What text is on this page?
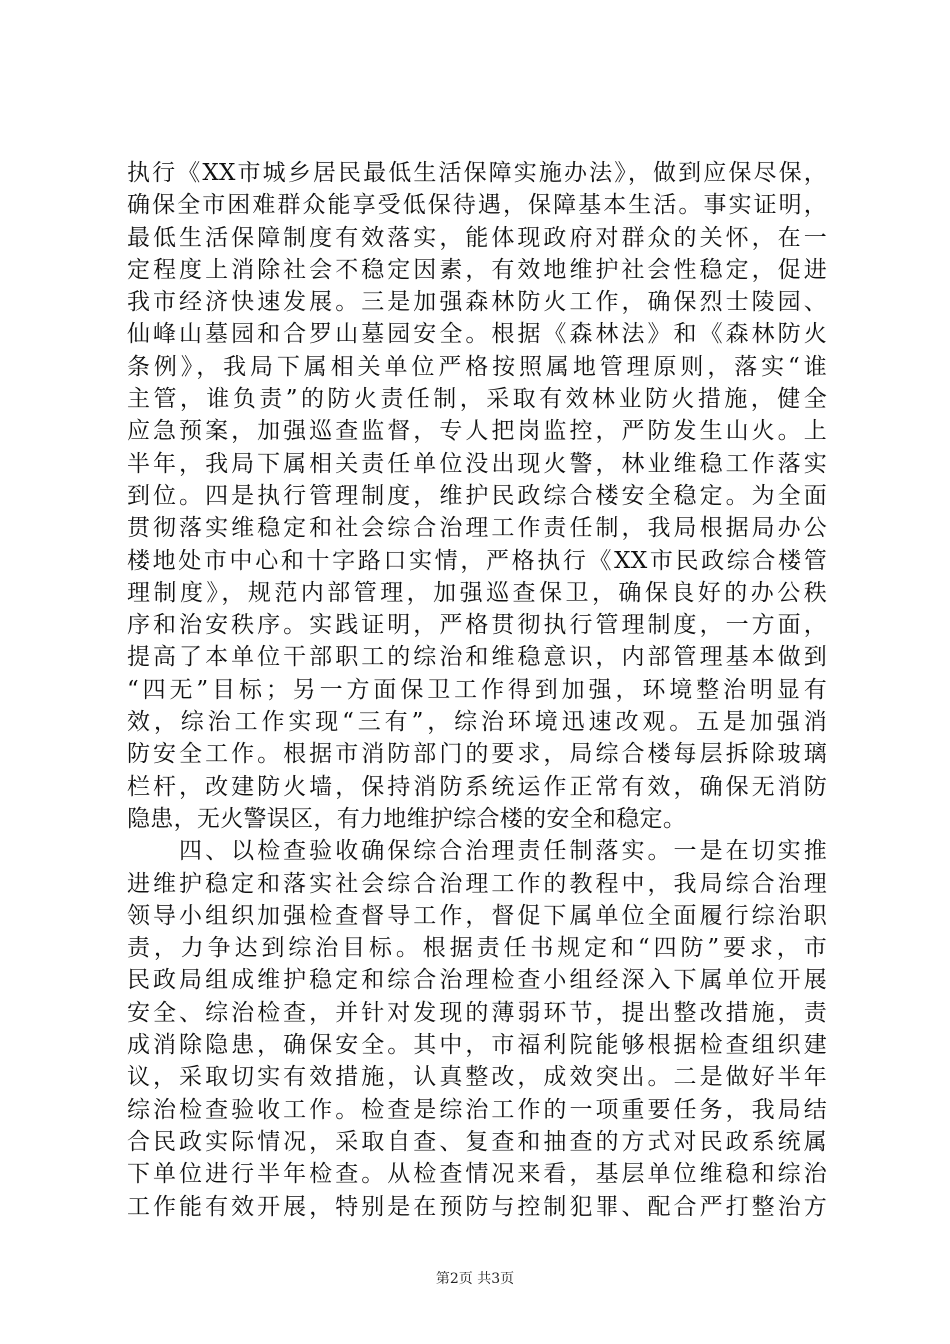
执行《XX市城乡居民最低生活保障实施办法》，做到应保尽保，
确保全市困难群众能享受低保待遇，保障基本生活。事实证明，
最低生活保障制度有效落实，能体现政府对群众的关怀，在一
定程度上消除社会不稳定因素，有效地维护社会性稳定，促进
我市经济快速发展。三是加强森林防火工作，确保烈士陵园、
仙峰山墓园和合罗山墓园安全。根据《森林法》和《森林防火
条例》，我局下属相关单位严格按照属地管理原则，落实“谁
主管，谁负责”的防火责任制，采取有效林业防火措施，健全
应急预案，加强巡查监督，专人把岗监控，严防发生山火。上
半年，我局下属相关责任单位没出现火警，林业维稳工作落实
到位。四是执行管理制度，维护民政综合楼安全稳定。为全面
贯彻落实维稳定和社会综合治理工作责任制，我局根据局办公
楼地处市中心和十字路口实情，严格执行《XX市民政综合楼管
理制度》，规范内部管理，加强巡查保卫，确保良好的办公秩
序和治安秩序。实践证明，严格贯彻执行管理制度，一方面，
提高了本单位干部职工的综治和维稳意识，内部管理基本做到
“四无”目标；另一方面保卫工作得到加强，环境整治明显有
效，综治工作实现“三有”，综治环境迅速改观。五是加强消
防安全工作。根据市消防部门的要求，局综合楼每层拆除玻璃
栏杆，改建防火墙，保持消防系统运作正常有效，确保无消防
隐患，无火警误区，有力地维护综合楼的安全和稳定。
　　四、以检查验收确保综合治理责任制落实。一是在切实推
进维护稳定和落实社会综合治理工作的教程中，我局综合治理
领导小组织加强检查督导工作，督促下属单位全面履行综治职
责，力争达到综治目标。根据责任书规定和“四防”要求，市
民政局组成维护稳定和综合治理检查小组经深入下属单位开展
安全、综治检查，并针对发现的薄弱环节，提出整改措施，责
成消除隐患，确保安全。其中，市福利院能够根据检查组织建
议，采取切实有效措施，认真整改，成效突出。二是做好半年
综治检查验收工作。检查是综治工作的一项重要任务，我局结
合民政实际情况，采取自查、复查和抽查的方式对民政系统属
下单位进行半年检查。从检查情况来看，基层单位维稳和综治
工作能有效开展，特别是在预防与控制犯罪、配合严打整治方
第2页 共3页
